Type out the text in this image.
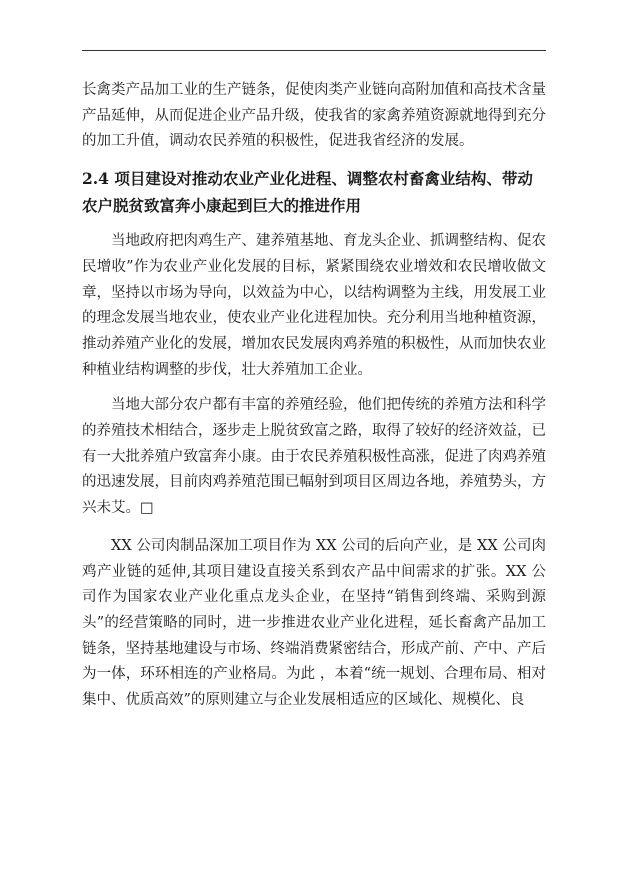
长禽类产品加工业的生产链条，促使肉类产业链向高附加值和高技术含量产品延伸，从而促进企业产品升级，使我省的家禽养殖资源就地得到充分的加工升值，调动农民养殖的积极性，促进我省经济的发展。

2.4 项目建设对推动农业产业化进程、调整农村畜禽业结构、带动农户脱贫致富奔小康起到巨大的推进作用

当地政府把肉鸡生产、建养殖基地、育龙头企业、抓调整结构、促农民增收”作为农业产业化发展的目标，紧紧围绕农业增效和农民增收做文章，坚持以市场为导向，以效益为中心，以结构调整为主线，用发展工业的理念发展当地农业，使农业产业化进程加快。充分利用当地种植资源，推动养殖产业化的发展，增加农民发展肉鸡养殖的积极性，从而加快农业种植业结构调整的步伐，壮大养殖加工企业。

当地大部分农户都有丰富的养殖经验，他们把传统的养殖方法和科学的养殖技术相结合，逐步走上脱贫致富之路，取得了较好的经济效益，已有一大批养殖户致富奔小康。由于农民养殖积极性高涨，促进了肉鸡养殖的迅速发展，目前肉鸡养殖范围已幅射到项目区周边各地，养殖势头，方兴未艾。□

XX 公司肉制品深加工项目作为 XX 公司的后向产业，是 XX 公司肉鸡产业链的延伸,其项目建设直接关系到农产品中间需求的扩张。XX 公司作为国家农业产业化重点龙头企业，在坚持“销售到终端、采购到源头”的经营策略的同时，进一步推进农业产业化进程，延长畜禽产品加工链条，坚持基地建设与市场、终端消费紧密结合，形成产前、产中、产后为一体，环环相连的产业格局。为此 ，本着“统一规划、合理布局、相对集中、优质高效”的原则建立与企业发展相适应的区域化、规模化、良
